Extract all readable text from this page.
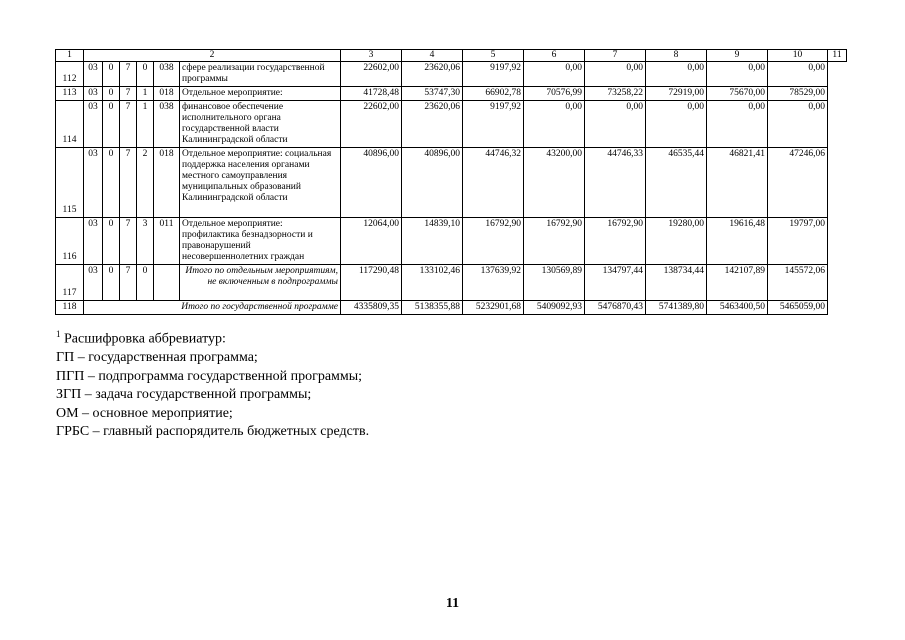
1	2						3	4	5	6	7	8	9	10	11
112	03	0	7	0	038	сфере реализации государственной программы	22602,00	23620,06	9197,92	0,00	0,00	0,00	0,00	0,00	
113	03	0	7	1	018	Отдельное мероприятие:	41728,48	53747,30	66902,78	70576,99	73258,22	72919,00	75670,00	78529,00	
114	03	0	7	1	038	финансовое обеспечение исполнительного органа государственной власти Калининградской области	22602,00	23620,06	9197,92	0,00	0,00	0,00	0,00	0,00	
115	03	0	7	2	018	Отдельное мероприятие: социальная поддержка населения органами местного самоуправления муниципальных образований Калининградской области	40896,00	40896,00	44746,32	43200,00	44746,33	46535,44	46821,41	47246,06	
116	03	0	7	3	011	Отдельное мероприятие: профилактика безнадзорности и правонарушений несовершеннолетних граждан	12064,00	14839,10	16792,90	16792,90	16792,90	19280,00	19616,48	19797,00	
117	03	0	7	0		Итого по отдельным мероприятиям, не включенным в подпрограммы	117290,48	133102,46	137639,92	130569,89	134797,44	138734,44	142107,89	145572,06	
118	Итого по государственной программе						4335809,35	5138355,88	5232901,68	5409092,93	5476870,43	5741389,80	5463400,50	5465059,00	
$^1$ Расшифровка аббревиатур:
ГП – государственная программа;
ПГП – подпрограмма государственной программы;
ЗГП – задача государственной программы;
ОМ – основное мероприятие;
ГРБС – главный распорядитель бюджетных средств.
11
